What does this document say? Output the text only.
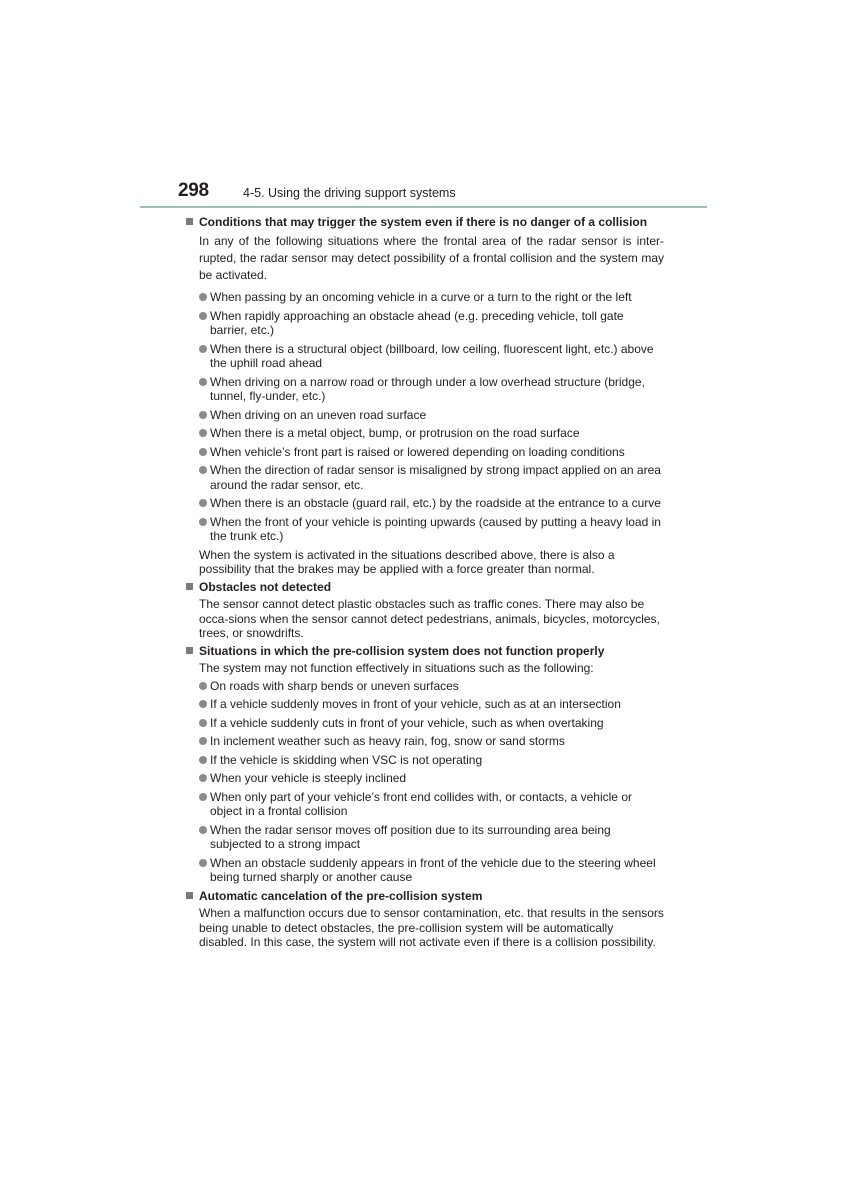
298	4-5. Using the driving support systems
Conditions that may trigger the system even if there is no danger of a collision
In any of the following situations where the frontal area of the radar sensor is inter-rupted, the radar sensor may detect possibility of a frontal collision and the system may be activated.
When passing by an oncoming vehicle in a curve or a turn to the right or the left
When rapidly approaching an obstacle ahead (e.g. preceding vehicle, toll gate barrier, etc.)
When there is a structural object (billboard, low ceiling, fluorescent light, etc.) above the uphill road ahead
When driving on a narrow road or through under a low overhead structure (bridge, tunnel, fly-under, etc.)
When driving on an uneven road surface
When there is a metal object, bump, or protrusion on the road surface
When vehicle’s front part is raised or lowered depending on loading conditions
When the direction of radar sensor is misaligned by strong impact applied on an area around the radar sensor, etc.
When there is an obstacle (guard rail, etc.) by the roadside at the entrance to a curve
When the front of your vehicle is pointing upwards (caused by putting a heavy load in the trunk etc.)
When the system is activated in the situations described above, there is also a possibility that the brakes may be applied with a force greater than normal.
Obstacles not detected
The sensor cannot detect plastic obstacles such as traffic cones. There may also be occa-sions when the sensor cannot detect pedestrians, animals, bicycles, motorcycles, trees, or snowdrifts.
Situations in which the pre-collision system does not function properly
The system may not function effectively in situations such as the following:
On roads with sharp bends or uneven surfaces
If a vehicle suddenly moves in front of your vehicle, such as at an intersection
If a vehicle suddenly cuts in front of your vehicle, such as when overtaking
In inclement weather such as heavy rain, fog, snow or sand storms
If the vehicle is skidding when VSC is not operating
When your vehicle is steeply inclined
When only part of your vehicle’s front end collides with, or contacts, a vehicle or object in a frontal collision
When the radar sensor moves off position due to its surrounding area being subjected to a strong impact
When an obstacle suddenly appears in front of the vehicle due to the steering wheel being turned sharply or another cause
Automatic cancelation of the pre-collision system
When a malfunction occurs due to sensor contamination, etc. that results in the sensors being unable to detect obstacles, the pre-collision system will be automatically disabled. In this case, the system will not activate even if there is a collision possibility.
